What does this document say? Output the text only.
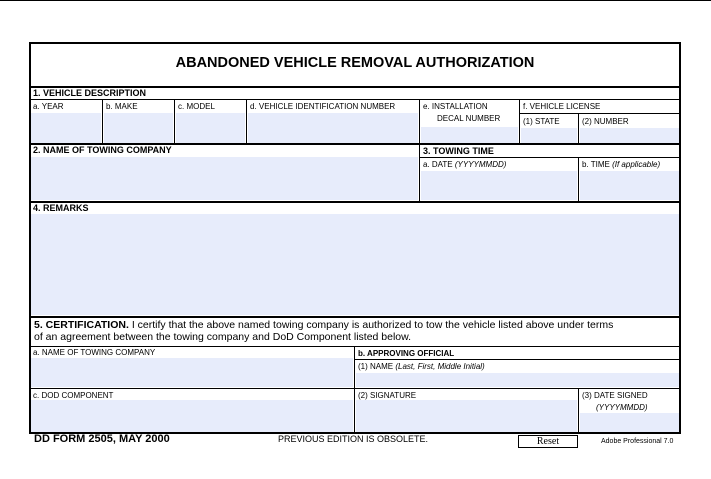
ABANDONED VEHICLE REMOVAL AUTHORIZATION
1. VEHICLE DESCRIPTION
a. YEAR	b. MAKE	c. MODEL	d. VEHICLE IDENTIFICATION NUMBER	e. INSTALLATION
DECAL NUMBER
f. VEHICLE LICENSE
(1) STATE	(2) NUMBER
2. NAME OF TOWING COMPANY	3. TOWING TIME
a. DATE (YYYYMMDD)	b. TIME (If applicable)
4. REMARKS
5. CERTIFICATION. I certify that the above named towing company is authorized to tow the vehicle listed above under terms
of an agreement between the towing company and DoD Component listed below.
a. NAME OF TOWING COMPANY	b. APPROVING OFFICIAL
(1) NAME (Last, First, Middle Initial)
c. DOD COMPONENT	(2) SIGNATURE	(3) DATE SIGNED
(YYYYMMDD)
DD FORM 2505, MAY 2000	PREVIOUS EDITION IS OBSOLETE.	Reset	Adobe Professional 7.0
